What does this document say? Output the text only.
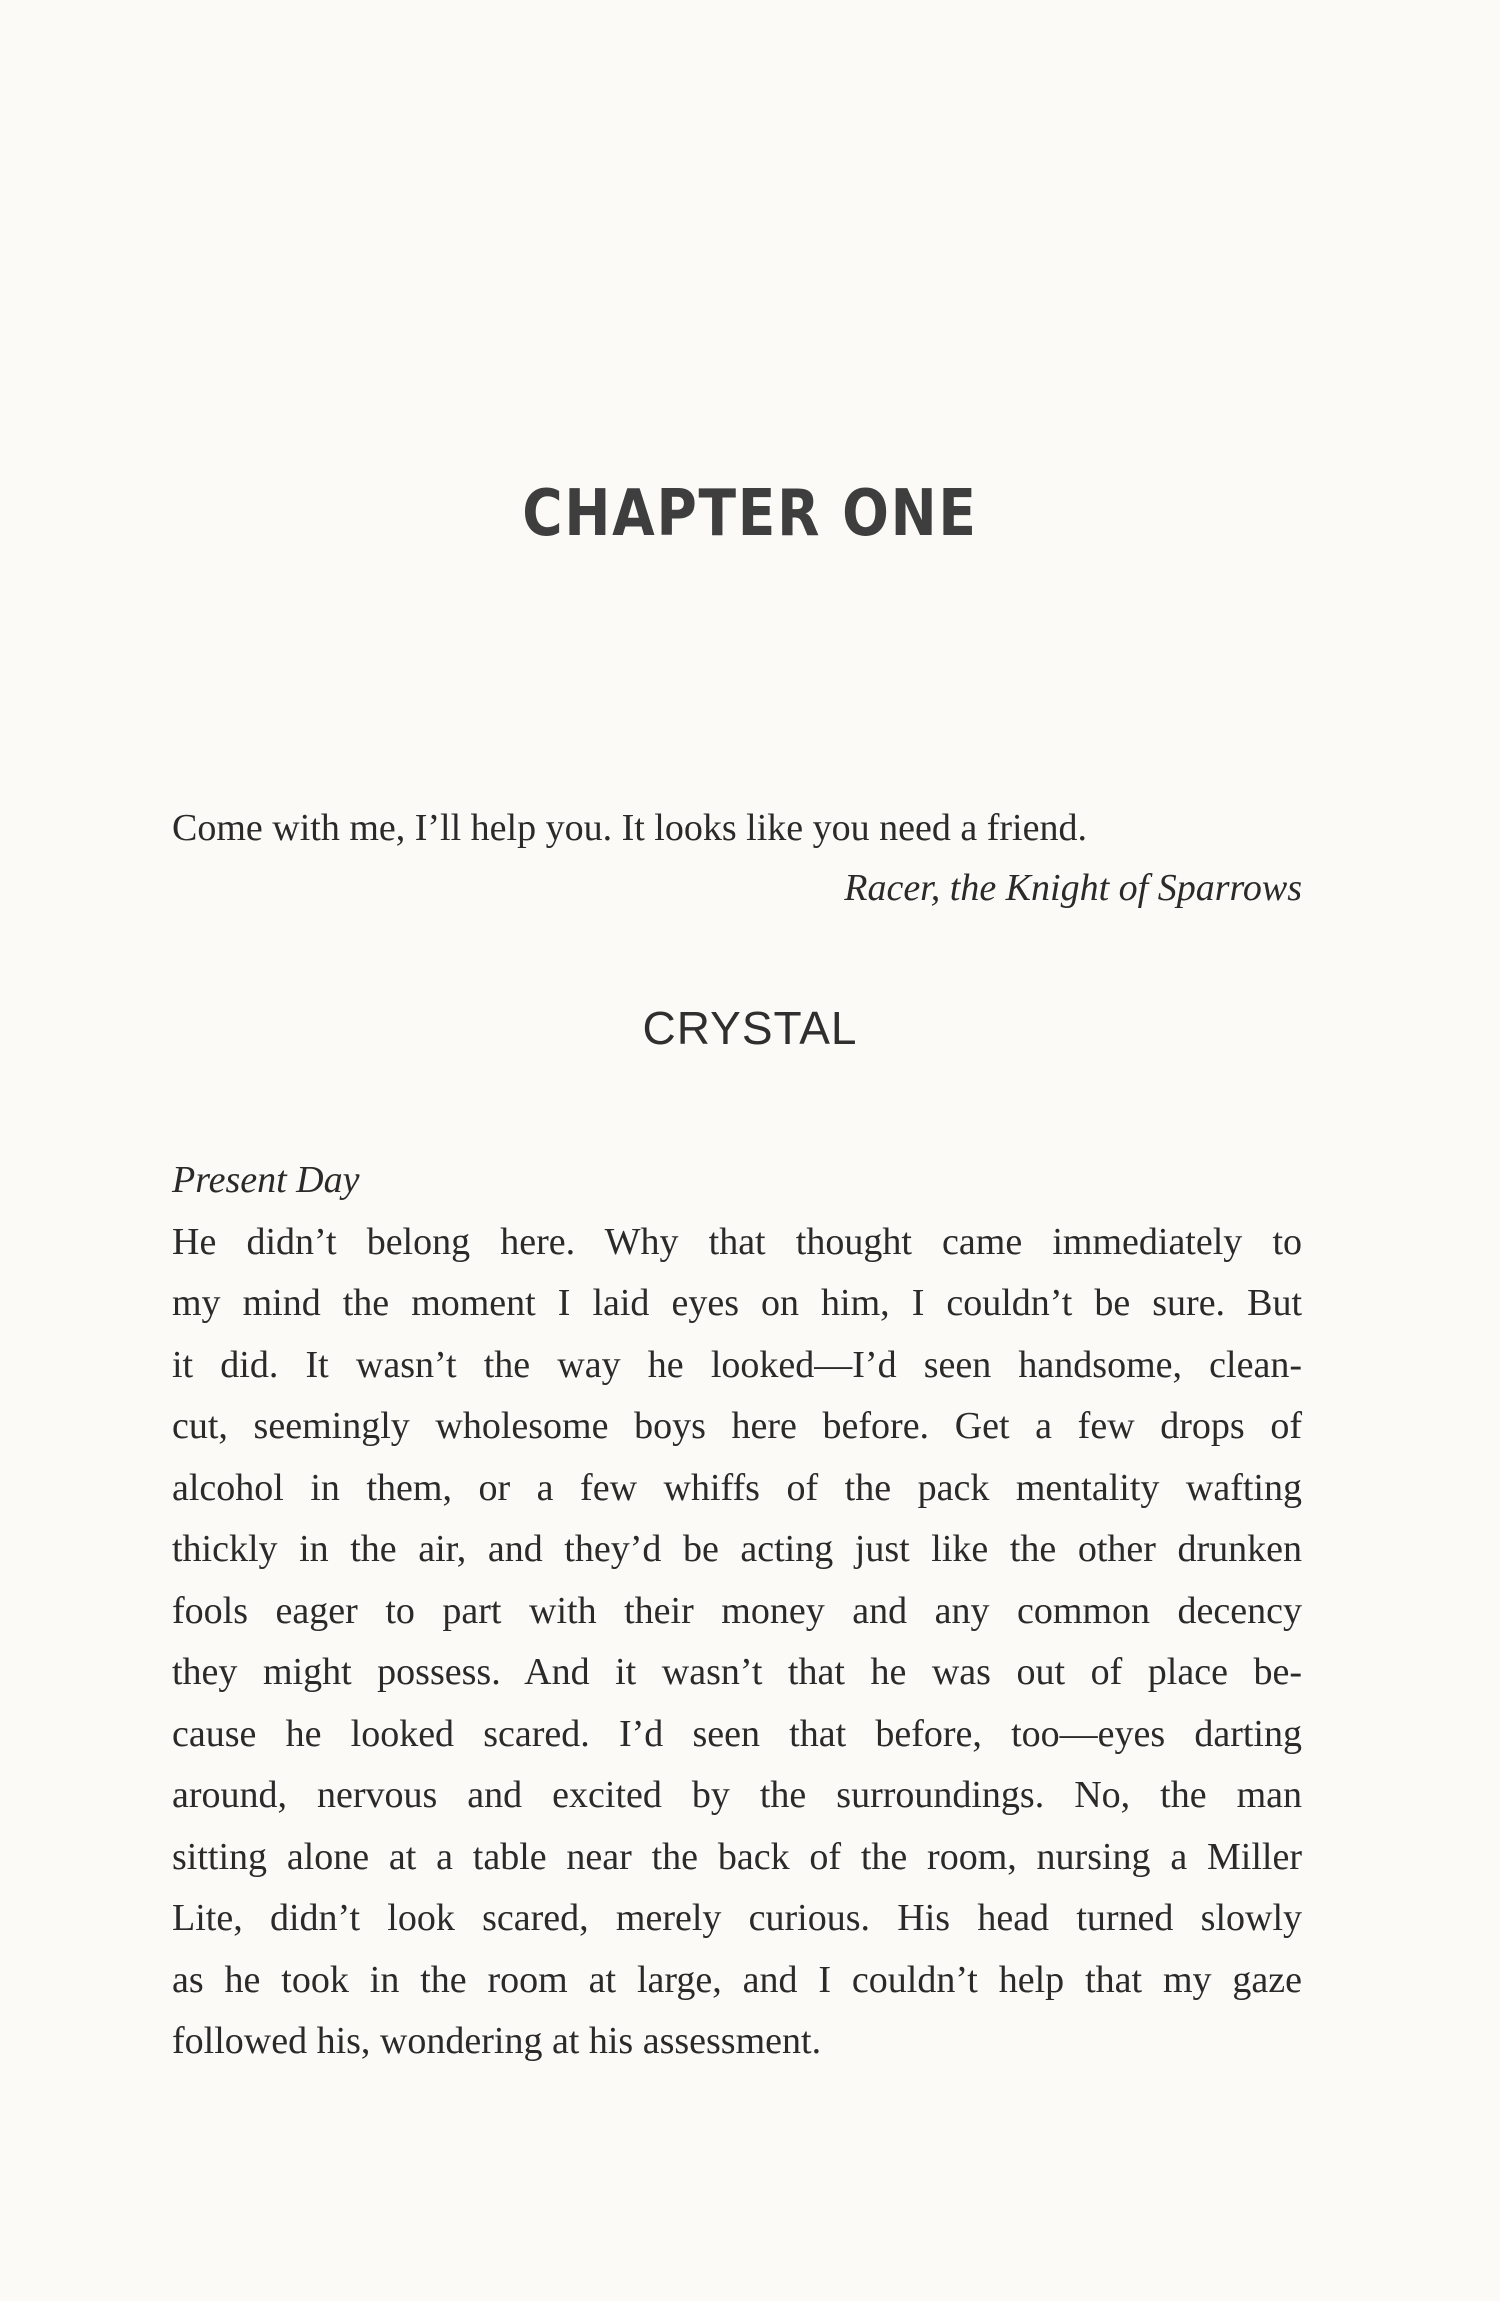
CHAPTER ONE
Come with me, I’ll help you. It looks like you need a friend.
Racer, the Knight of Sparrows
CRYSTAL
Present Day
He didn’t belong here. Why that thought came immediately to
my mind the moment I laid eyes on him, I couldn’t be sure. But
it did. It wasn’t the way he looked—I’d seen handsome, clean-
cut, seemingly wholesome boys here before. Get a few drops of
alcohol in them, or a few whiffs of the pack mentality wafting
thickly in the air, and they’d be acting just like the other drunken
fools eager to part with their money and any common decency
they might possess. And it wasn’t that he was out of place be-
cause he looked scared. I’d seen that before, too—eyes darting
around, nervous and excited by the surroundings. No, the man
sitting alone at a table near the back of the room, nursing a Miller
Lite, didn’t look scared, merely curious. His head turned slowly
as he took in the room at large, and I couldn’t help that my gaze
followed his, wondering at his assessment.
